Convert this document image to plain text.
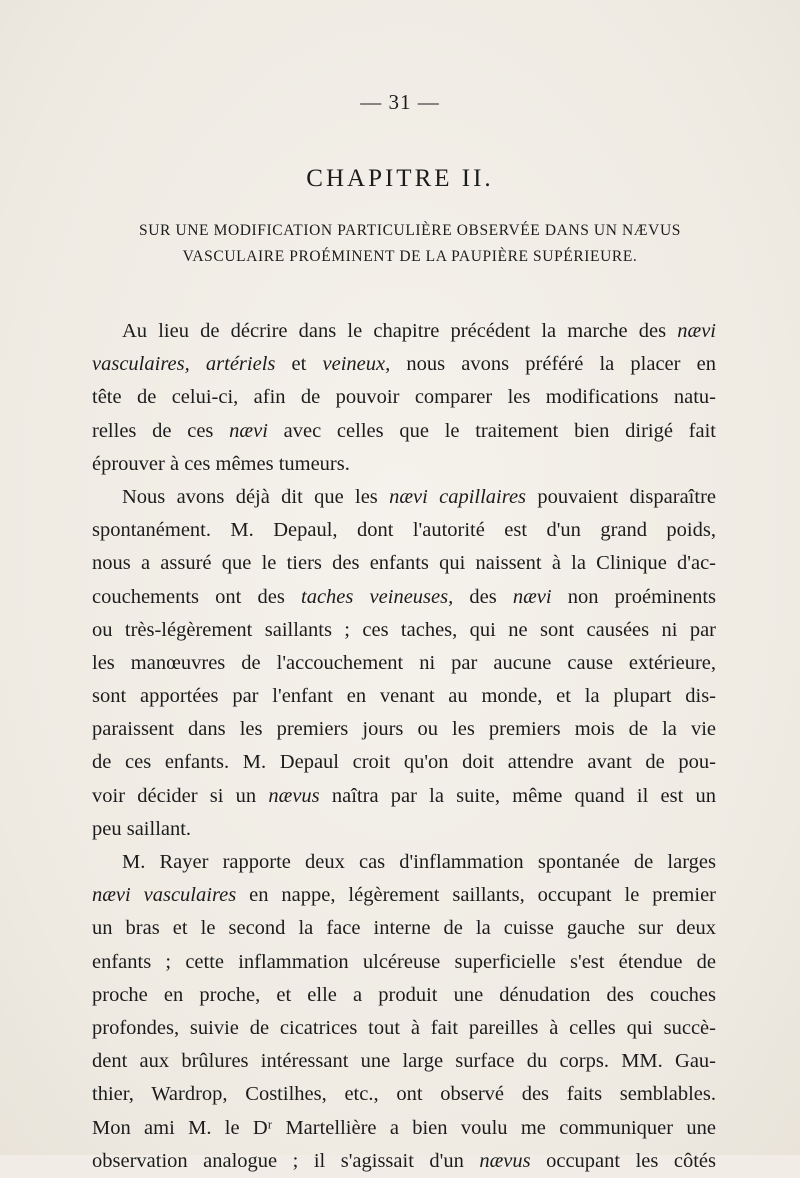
— 31 —
CHAPITRE II.
SUR UNE MODIFICATION PARTICULIÈRE OBSERVÉE DANS UN NÆVUS
VASCULAIRE PROÉMINENT DE LA PAUPIÈRE SUPÉRIEURE.
Au lieu de décrire dans le chapitre précédent la marche des nævi
vasculaires, artériels et veineux, nous avons préféré la placer en
tête de celui-ci, afin de pouvoir comparer les modifications natu-
relles de ces nævi avec celles que le traitement bien dirigé fait
éprouver à ces mêmes tumeurs.
Nous avons déjà dit que les nævi capillaires pouvaient disparaître
spontanément. M. Depaul, dont l'autorité est d'un grand poids,
nous a assuré que le tiers des enfants qui naissent à la Clinique d'ac-
couchements ont des taches veineuses, des nævi non proéminents
ou très-légèrement saillants ; ces taches, qui ne sont causées ni par
les manœuvres de l'accouchement ni par aucune cause extérieure,
sont apportées par l'enfant en venant au monde, et la plupart dis-
paraissent dans les premiers jours ou les premiers mois de la vie
de ces enfants. M. Depaul croit qu'on doit attendre avant de pou-
voir décider si un nævus naîtra par la suite, même quand il est un
peu saillant.
M. Rayer rapporte deux cas d'inflammation spontanée de larges
nævi vasculaires en nappe, légèrement saillants, occupant le premier
un bras et le second la face interne de la cuisse gauche sur deux
enfants ; cette inflammation ulcéreuse superficielle s'est étendue de
proche en proche, et elle a produit une dénudation des couches
profondes, suivie de cicatrices tout à fait pareilles à celles qui succè-
dent aux brûlures intéressant une large surface du corps. MM. Gau-
thier, Wardrop, Costilhes, etc., ont observé des faits semblables.
Mon ami M. le Dʳ Martellière a bien voulu me communiquer une
observation analogue ; il s'agissait d'un nævus occupant les côtés
